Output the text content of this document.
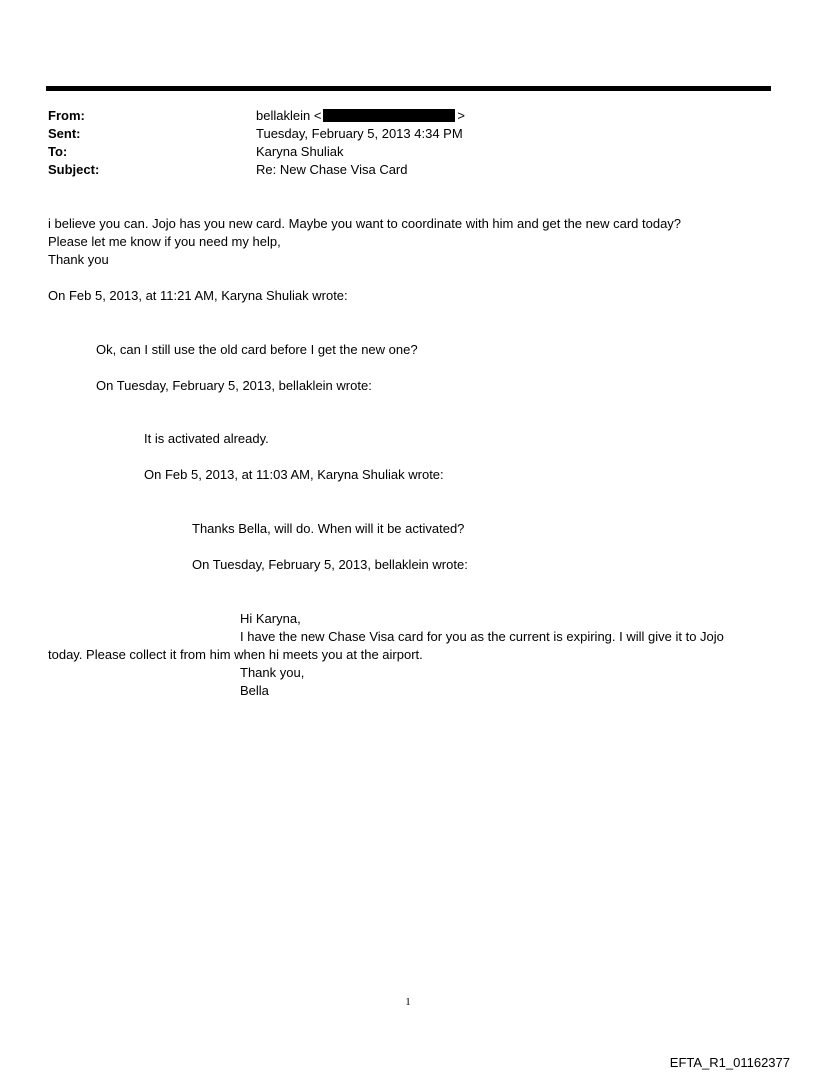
From:	bellaklein <	>
Sent:	Tuesday, February 5, 2013 4:34 PM
To:	Karyna Shuliak
Subject:	Re: New Chase Visa Card
i believe you can. Jojo has you new card. Maybe you want to coordinate with him and get the new card today?
Please let me know if you need my help,
Thank you
On Feb 5, 2013, at 11:21 AM, Karyna Shuliak wrote:
Ok, can I still use the old card before I get the new one?
On Tuesday, February 5, 2013, bellaklein wrote:
It is activated already.
On Feb 5, 2013, at 11:03 AM, Karyna Shuliak wrote:
Thanks Bella, will do. When will it be activated?
On Tuesday, February 5, 2013, bellaklein wrote:
Hi Karyna,
I have the new Chase Visa card for you as the current is expiring. I will give it to Jojo
today. Please collect it from him when hi meets you at the airport.
Thank you,
Bella
1
EFTA_R1_01162377
